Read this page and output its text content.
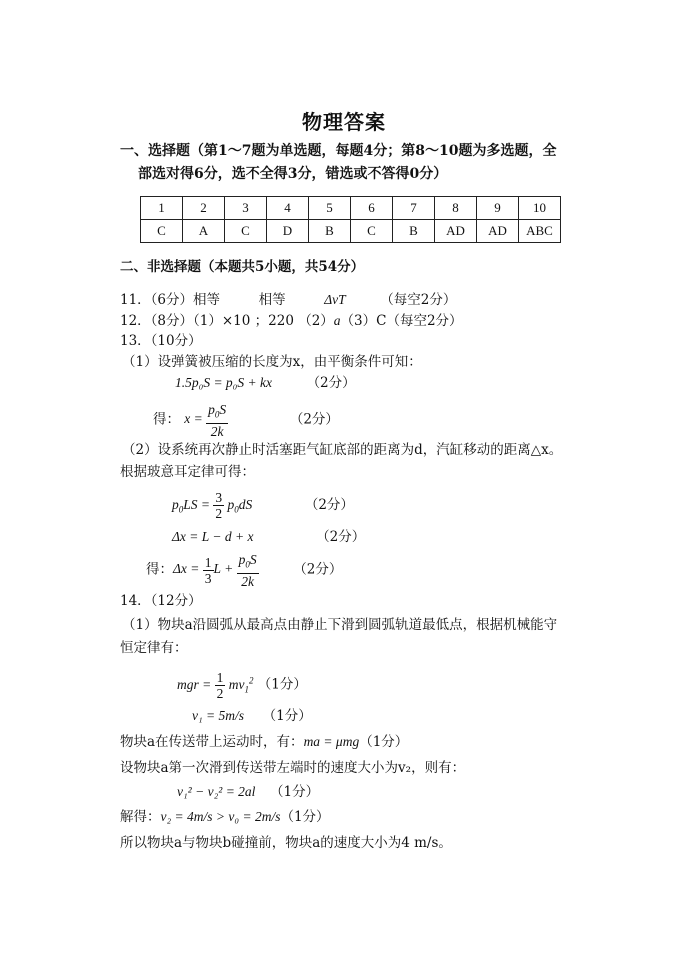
物理答案
一、选择题（第1～7题为单选题，每题4分；第8～10题为多选题，全
部选对得6分，选不全得3分，错选或不答得0分）
1	2	3	4	5	6	7	8	9	10
C	A	C	D	B	C	B	AD	AD	ABC
二、非选择题（本题共5小题，共54分）
11．（6分）相等	相等	ΔvT	（每空2分）
12．（8分）（1）×10 ；220 （2）a（3）C（每空2分）
13．（10分）
（1）设弹簧被压缩的长度为x，由平衡条件可知：
1.5p₀S = p₀S + kx	（2分）
得： $x = \frac{p_0S}{2k}$	（2分）
（2）设系统再次静止时活塞距气缸底部的距离为d，汽缸移动的距离△x。
根据玻意耳定律可得：
$p_0LS = \frac{3}{2} p_0dS$	（2分）
Δx = L − d + x	（2分）
得：$\Delta x = \frac{1}{3}$ $L + \frac{p_0S}{2k}$	（2分）
14．（12分）
（1）物块a沿圆弧从最高点由静止下滑到圆弧轨道最低点，根据机械能守
恒定律有：
mgr = $\frac{1}{2} mv_1^2$ （1分）
v₁ = 5m/s （1分）
物块a在传送带上运动时，有：ma = μmg（1分）
设物块a第一次滑到传送带左端时的速度大小为v₂，则有：
v₁² − v₂² = 2al （1分）
解得：v₂ = 4m/s > v₀ = 2m/s（1分）
所以物块a与物块b碰撞前，物块a的速度大小为4 m/s。
